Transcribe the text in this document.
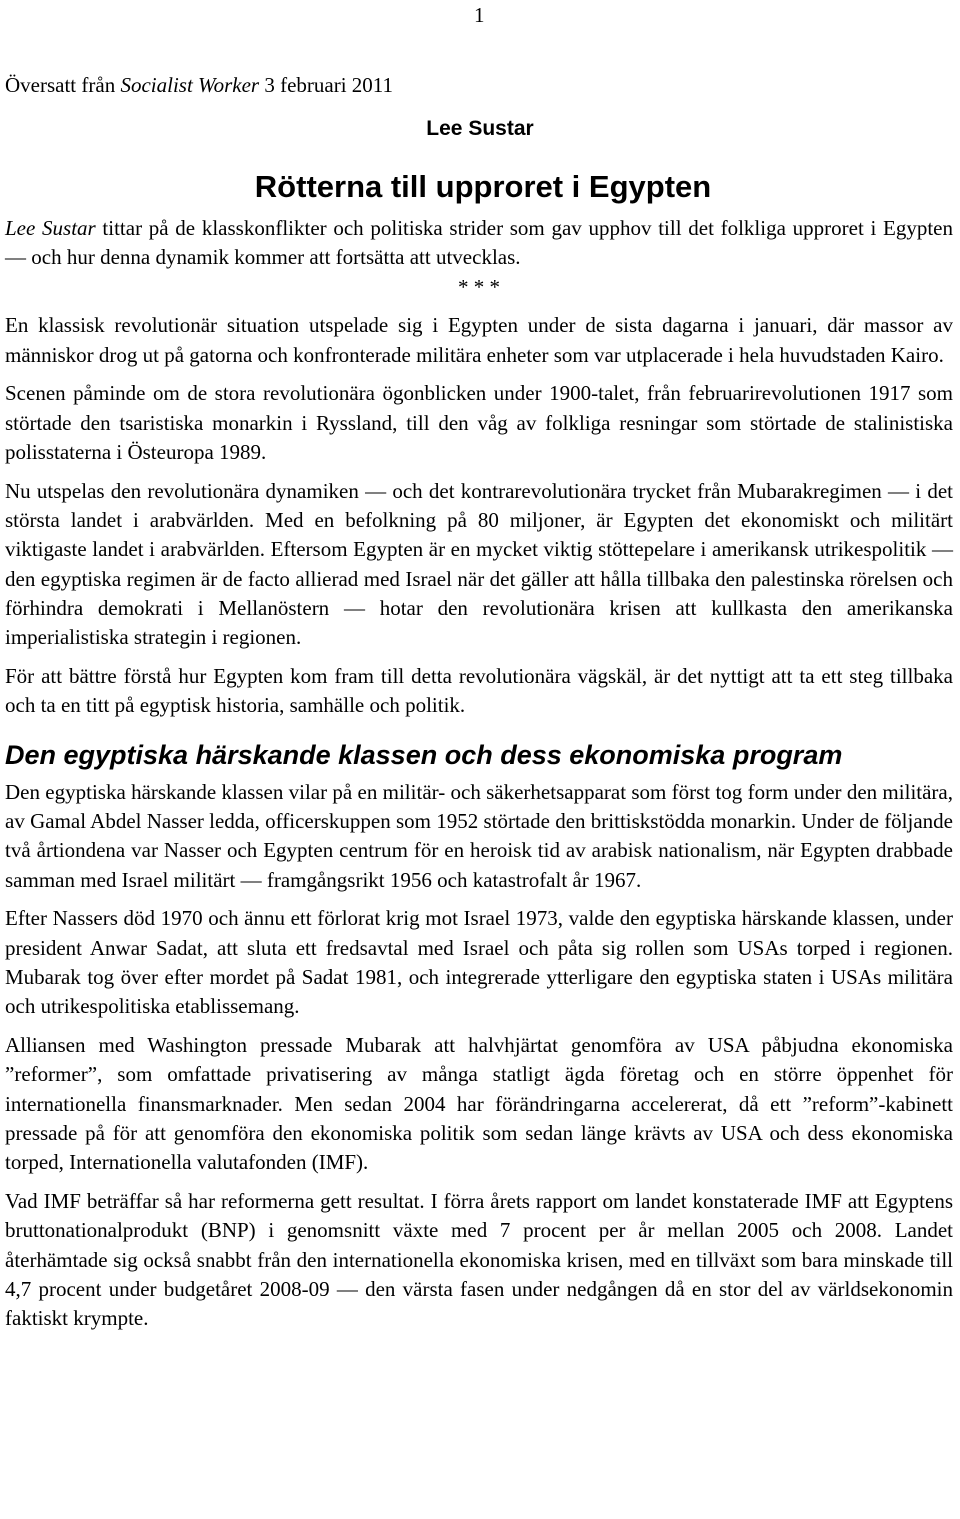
1
Översatt från Socialist Worker 3 februari 2011
Lee Sustar
Rötterna till upproret i Egypten

Lee Sustar tittar på de klasskonflikter och politiska strider som gav upphov till det folkliga upproret i Egypten — och hur denna dynamik kommer att fortsätta att utvecklas.

* * *

En klassisk revolutionär situation utspelade sig i Egypten under de sista dagarna i januari, där massor av människor drog ut på gatorna och konfronterade militära enheter som var utplacerade i hela huvudstaden Kairo.

Scenen påminde om de stora revolutionära ögonblicken under 1900-talet, från februarirevolutionen 1917 som störtade den tsaristiska monarkin i Ryssland, till den våg av folkliga resningar som störtade de stalinistiska polisstaterna i Östeuropa 1989.

Nu utspelas den revolutionära dynamiken — och det kontrarevolutionära trycket från Mubarakregimen — i det största landet i arabvärlden. Med en befolkning på 80 miljoner, är Egypten det ekonomiskt och militärt viktigaste landet i arabvärlden. Eftersom Egypten är en mycket viktig stöttepelare i amerikansk utrikespolitik — den egyptiska regimen är de facto allierad med Israel när det gäller att hålla tillbaka den palestinska rörelsen och förhindra demokrati i Mellanöstern — hotar den revolutionära krisen att kullkasta den amerikanska imperialistiska strategin i regionen.

För att bättre förstå hur Egypten kom fram till detta revolutionära vägskäl, är det nyttigt att ta ett steg tillbaka och ta en titt på egyptisk historia, samhälle och politik.

Den egyptiska härskande klassen och dess ekonomiska program

Den egyptiska härskande klassen vilar på en militär- och säkerhetsapparat som först tog form under den militära, av Gamal Abdel Nasser ledda, officerskuppen som 1952 störtade den brittiskstödda monarkin. Under de följande två årtiondena var Nasser och Egypten centrum för en heroisk tid av arabisk nationalism, när Egypten drabbade samman med Israel militärt — framgångsrikt 1956 och katastrofalt år 1967.

Efter Nassers död 1970 och ännu ett förlorat krig mot Israel 1973, valde den egyptiska härskande klassen, under president Anwar Sadat, att sluta ett fredsavtal med Israel och påta sig rollen som USAs torped i regionen. Mubarak tog över efter mordet på Sadat 1981, och integrerade ytterligare den egyptiska staten i USAs militära och utrikespolitiska etablissemang.

Alliansen med Washington pressade Mubarak att halvhjärtat genomföra av USA påbjudna ekonomiska ”reformer”, som omfattade privatisering av många statligt ägda företag och en större öppenhet för internationella finansmarknader. Men sedan 2004 har förändringarna accelererat, då ett ”reform”-kabinett pressade på för att genomföra den ekonomiska politik som sedan länge krävts av USA och dess ekonomiska torped, Internationella valutafonden (IMF).

Vad IMF beträffar så har reformerna gett resultat. I förra årets rapport om landet konstaterade IMF att Egyptens bruttonationalprodukt (BNP) i genomsnitt växte med 7 procent per år mellan 2005 och 2008. Landet återhämtade sig också snabbt från den internationella ekonomiska krisen, med en tillväxt som bara minskade till 4,7 procent under budgetåret 2008-09 — den värsta fasen under nedgången då en stor del av världsekonomin faktiskt krympte.
